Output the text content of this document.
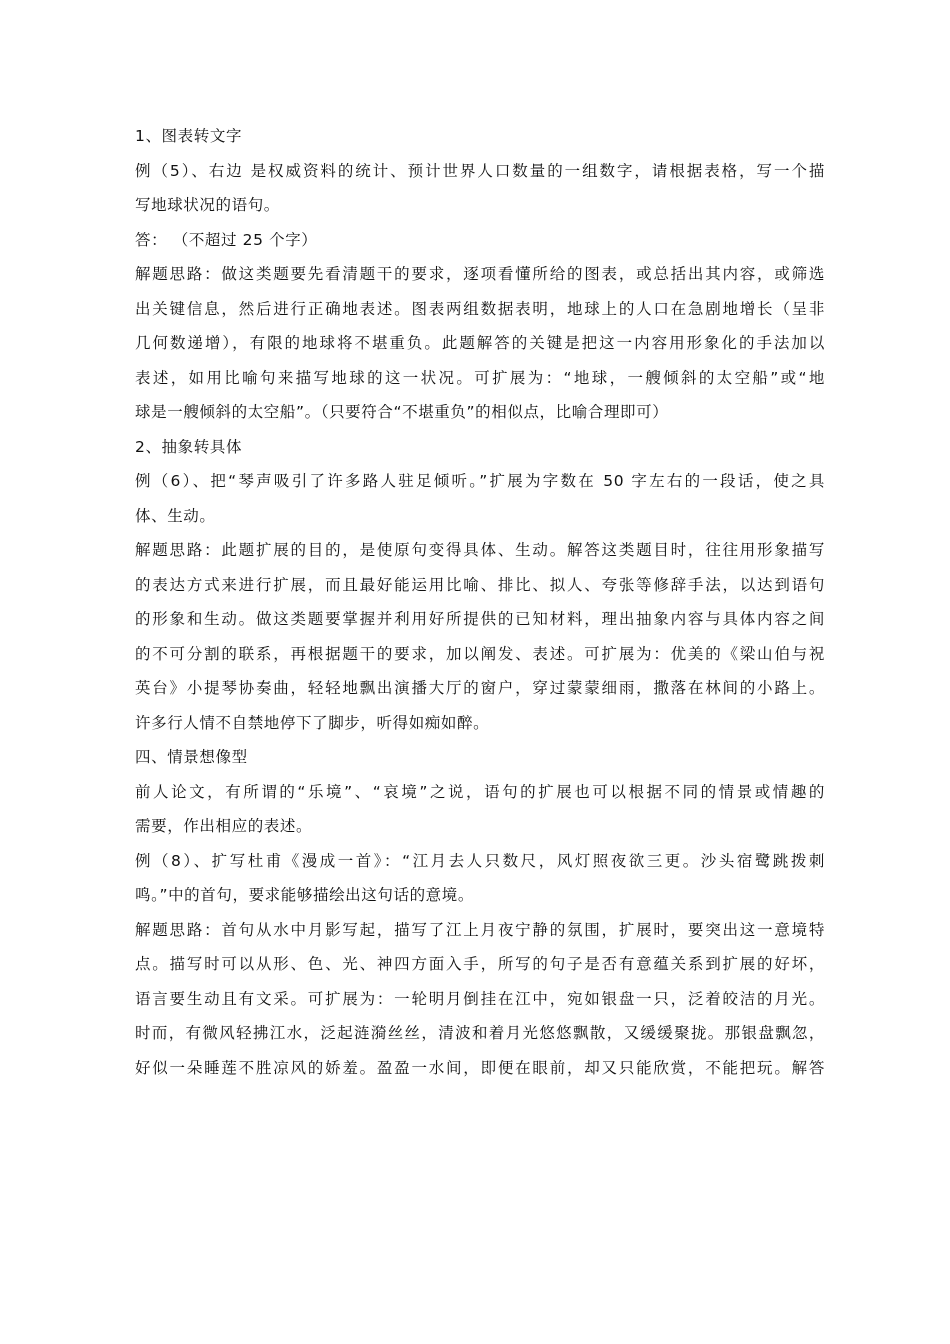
1、图表转文字
例（5）、右边 是权威资料的统计、预计世界人口数量的一组数字，请根据表格，写一个描
写地球状况的语句。
答： （不超过 25 个字）
解题思路：做这类题要先看清题干的要求，逐项看懂所给的图表，或总括出其内容，或筛选
出关键信息，然后进行正确地表述。图表两组数据表明，地球上的人口在急剧地增长（呈非
几何数递增），有限的地球将不堪重负。此题解答的关键是把这一内容用形象化的手法加以
表述，如用比喻句来描写地球的这一状况。可扩展为：“地球，一艘倾斜的太空船”或“地
球是一艘倾斜的太空船”。（只要符合“不堪重负”的相似点，比喻合理即可）
2、抽象转具体
例（6）、把“琴声吸引了许多路人驻足倾听。”扩展为字数在 50 字左右的一段话，使之具
体、生动。
解题思路：此题扩展的目的，是使原句变得具体、生动。解答这类题目时，往往用形象描写
的表达方式来进行扩展，而且最好能运用比喻、排比、拟人、夸张等修辞手法，以达到语句
的形象和生动。做这类题要掌握并利用好所提供的已知材料，理出抽象内容与具体内容之间
的不可分割的联系，再根据题干的要求，加以阐发、表述。可扩展为：优美的《梁山伯与祝
英台》小提琴协奏曲，轻轻地飘出演播大厅的窗户，穿过蒙蒙细雨，撒落在林间的小路上。
许多行人情不自禁地停下了脚步，听得如痴如醉。
四、情景想像型
前人论文，有所谓的“乐境”、“哀境”之说，语句的扩展也可以根据不同的情景或情趣的
需要，作出相应的表述。
例（8）、扩写杜甫《漫成一首》：“江月去人只数尺，风灯照夜欲三更。沙头宿鹭跳拨刺
鸣。”中的首句，要求能够描绘出这句话的意境。
解题思路：首句从水中月影写起，描写了江上月夜宁静的氛围，扩展时，要突出这一意境特
点。描写时可以从形、色、光、神四方面入手，所写的句子是否有意蕴关系到扩展的好坏，
语言要生动且有文采。可扩展为：一轮明月倒挂在江中，宛如银盘一只，泛着皎洁的月光。
时而，有微风轻拂江水，泛起涟漪丝丝，清波和着月光悠悠飘散，又缓缓聚拢。那银盘飘忽，
好似一朵睡莲不胜凉风的娇羞。盈盈一水间，即便在眼前，却又只能欣赏，不能把玩。解答
